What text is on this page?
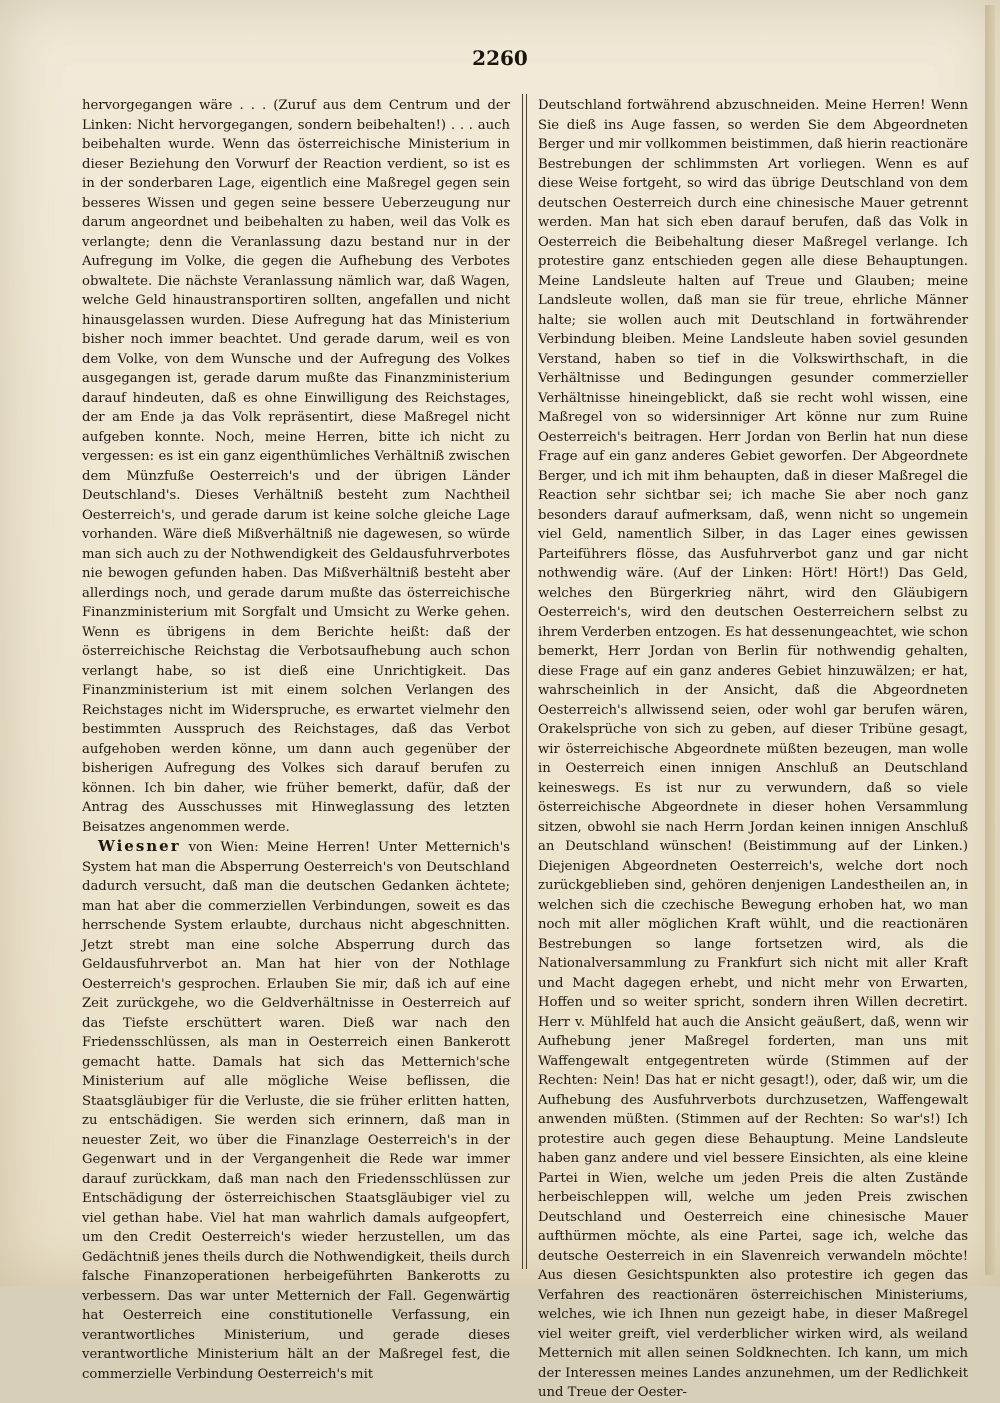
2260

hervorgegangen wäre . . . (Zuruf aus dem Centrum und der Linken: Nicht hervorgegangen, sondern beibehalten!) . . . auch beibehalten wurde. Wenn das österreichische Ministerium in dieser Beziehung den Vorwurf der Reaction verdient, so ist es in der sonderbaren Lage, eigentlich eine Maßregel gegen sein besseres Wissen und gegen seine bessere Ueberzeugung nur darum angeordnet und beibehalten zu haben, weil das Volk es verlangte; denn die Veranlassung dazu bestand nur in der Aufregung im Volke, die gegen die Aufhebung des Verbotes obwaltete. Die nächste Veranlassung nämlich war, daß Wagen, welche Geld hinaustransportiren sollten, angefallen und nicht hinausgelassen wurden. Diese Aufregung hat das Ministerium bisher noch immer beachtet. Und gerade darum, weil es von dem Volke, von dem Wunsche und der Aufregung des Volkes ausgegangen ist, gerade darum mußte das Finanzministerium darauf hindeuten, daß es ohne Einwilligung des Reichstages, der am Ende ja das Volk repräsentirt, diese Maßregel nicht aufgeben konnte. Noch, meine Herren, bitte ich nicht zu vergessen: es ist ein ganz eigenthümliches Verhältniß zwischen dem Münzfuße Oesterreich's und der übrigen Länder Deutschland's. Dieses Verhältniß besteht zum Nachtheil Oesterreich's, und gerade darum ist keine solche gleiche Lage vorhanden. Wäre dieß Mißverhältniß nie dagewesen, so würde man sich auch zu der Nothwendigkeit des Geldausfuhrverbotes nie bewogen gefunden haben. Das Mißverhältniß besteht aber allerdings noch, und gerade darum mußte das österreichische Finanzministerium mit Sorgfalt und Umsicht zu Werke gehen. Wenn es übrigens in dem Berichte heißt: daß der österreichische Reichstag die Verbotsaufhebung auch schon verlangt habe, so ist dieß eine Unrichtigkeit. Das Finanzministerium ist mit einem solchen Verlangen des Reichstages nicht im Widerspruche, es erwartet vielmehr den bestimmten Ausspruch des Reichstages, daß das Verbot aufgehoben werden könne, um dann auch gegenüber der bisherigen Aufregung des Volkes sich darauf berufen zu können. Ich bin daher, wie früher bemerkt, dafür, daß der Antrag des Ausschusses mit Hinweglassung des letzten Beisatzes angenommen werde.

Wiesner von Wien: Meine Herren! Unter Metternich's System hat man die Absperrung Oesterreich's von Deutschland dadurch versucht, daß man die deutschen Gedanken ächtete; man hat aber die commerziellen Verbindungen, soweit es das herrschende System erlaubte, durchaus nicht abgeschnitten. Jetzt strebt man eine solche Absperrung durch das Geldausfuhrverbot an. Man hat hier von der Nothlage Oesterreich's gesprochen. Erlauben Sie mir, daß ich auf eine Zeit zurückgehe, wo die Geldverhältnisse in Oesterreich auf das Tiefste erschüttert waren. Dieß war nach den Friedensschlüssen, als man in Oesterreich einen Bankerott gemacht hatte. Damals hat sich das Metternich'sche Ministerium auf alle mögliche Weise beflissen, die Staatsgläubiger für die Verluste, die sie früher erlitten hatten, zu entschädigen. Sie werden sich erinnern, daß man in neuester Zeit, wo über die Finanzlage Oesterreich's in der Gegenwart und in der Vergangenheit die Rede war immer darauf zurückkam, daß man nach den Friedensschlüssen zur Entschädigung der österreichischen Staatsgläubiger viel zu viel gethan habe. Viel hat man wahrlich damals aufgeopfert, um den Credit Oesterreich's wieder herzustellen, um das Gedächtniß jenes theils durch die Nothwendigkeit, theils durch falsche Finanzoperationen herbeigeführten Bankerotts zu verbessern. Das war unter Metternich der Fall. Gegenwärtig hat Oesterreich eine constitutionelle Verfassung, ein verantwortliches Ministerium, und gerade dieses verantwortliche Ministerium hält an der Maßregel fest, die commerzielle Verbindung Oesterreich's mit

Deutschland fortwährend abzuschneiden. Meine Herren! Wenn Sie dieß ins Auge fassen, so werden Sie dem Abgeordneten Berger und mir vollkommen beistimmen, daß hierin reactionäre Bestrebungen der schlimmsten Art vorliegen. Wenn es auf diese Weise fortgeht, so wird das übrige Deutschland von dem deutschen Oesterreich durch eine chinesische Mauer getrennt werden. Man hat sich eben darauf berufen, daß das Volk in Oesterreich die Beibehaltung dieser Maßregel verlange. Ich protestire ganz entschieden gegen alle diese Behauptungen. Meine Landsleute halten auf Treue und Glauben; meine Landsleute wollen, daß man sie für treue, ehrliche Männer halte; sie wollen auch mit Deutschland in fortwährender Verbindung bleiben. Meine Landsleute haben soviel gesunden Verstand, haben so tief in die Volkswirthschaft, in die Verhältnisse und Bedingungen gesunder commerzieller Verhältnisse hineingeblickt, daß sie recht wohl wissen, eine Maßregel von so widersinniger Art könne nur zum Ruine Oesterreich's beitragen. Herr Jordan von Berlin hat nun diese Frage auf ein ganz anderes Gebiet geworfen. Der Abgeordnete Berger, und ich mit ihm behaupten, daß in dieser Maßregel die Reaction sehr sichtbar sei; ich mache Sie aber noch ganz besonders darauf aufmerksam, daß, wenn nicht so ungemein viel Geld, namentlich Silber, in das Lager eines gewissen Parteiführers flösse, das Ausfuhrverbot ganz und gar nicht nothwendig wäre. (Auf der Linken: Hört! Hört!) Das Geld, welches den Bürgerkrieg nährt, wird den Gläubigern Oesterreich's, wird den deutschen Oesterreichern selbst zu ihrem Verderben entzogen. Es hat dessenungeachtet, wie schon bemerkt, Herr Jordan von Berlin für nothwendig gehalten, diese Frage auf ein ganz anderes Gebiet hinzuwälzen; er hat, wahrscheinlich in der Ansicht, daß die Abgeordneten Oesterreich's allwissend seien, oder wohl gar berufen wären, Orakelsprüche von sich zu geben, auf dieser Tribüne gesagt, wir österreichische Abgeordnete müßten bezeugen, man wolle in Oesterreich einen innigen Anschluß an Deutschland keineswegs. Es ist nur zu verwundern, daß so viele österreichische Abgeordnete in dieser hohen Versammlung sitzen, obwohl sie nach Herrn Jordan keinen innigen Anschluß an Deutschland wünschen! (Beistimmung auf der Linken.) Diejenigen Abgeordneten Oesterreich's, welche dort noch zurückgeblieben sind, gehören denjenigen Landestheilen an, in welchen sich die czechische Bewegung erhoben hat, wo man noch mit aller möglichen Kraft wühlt, und die reactionären Bestrebungen so lange fortsetzen wird, als die Nationalversammlung zu Frankfurt sich nicht mit aller Kraft und Macht dagegen erhebt, und nicht mehr von Erwarten, Hoffen und so weiter spricht, sondern ihren Willen decretirt. Herr v. Mühlfeld hat auch die Ansicht geäußert, daß, wenn wir Aufhebung jener Maßregel forderten, man uns mit Waffengewalt entgegentreten würde (Stimmen auf der Rechten: Nein! Das hat er nicht gesagt!), oder, daß wir, um die Aufhebung des Ausfuhrverbots durchzusetzen, Waffengewalt anwenden müßten. (Stimmen auf der Rechten: So war's!) Ich protestire auch gegen diese Behauptung. Meine Landsleute haben ganz andere und viel bessere Einsichten, als eine kleine Partei in Wien, welche um jeden Preis die alten Zustände herbeischleppen will, welche um jeden Preis zwischen Deutschland und Oesterreich eine chinesische Mauer aufthürmen möchte, als eine Partei, sage ich, welche das deutsche Oesterreich in ein Slavenreich verwandeln möchte! Aus diesen Gesichtspunkten also protestire ich gegen das Verfahren des reactionären österreichischen Ministeriums, welches, wie ich Ihnen nun gezeigt habe, in dieser Maßregel viel weiter greift, viel verderblicher wirken wird, als weiland Metternich mit allen seinen Soldknechten. Ich kann, um mich der Interessen meines Landes anzunehmen, um der Redlichkeit und Treue der Oester-
